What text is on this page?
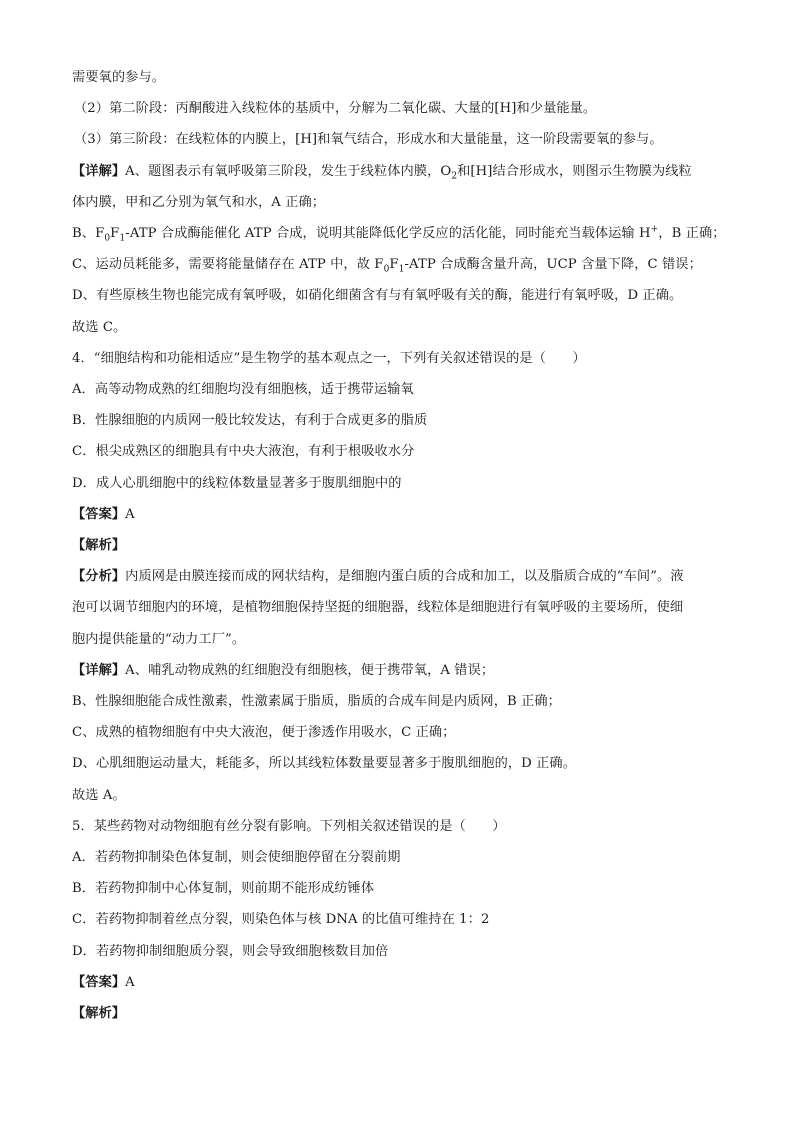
需要氧的参与。
（2）第二阶段：丙酮酸进入线粒体的基质中，分解为二氧化碳、大量的[H]和少量能量。
（3）第三阶段：在线粒体的内膜上，[H]和氧气结合，形成水和大量能量，这一阶段需要氧的参与。
【详解】A、题图表示有氧呼吸第三阶段，发生于线粒体内膜，$O_2$和[H]结合形成水，则图示生物膜为线粒
体内膜，甲和乙分别为氧气和水，A 正确；
B、$F_0F_1$-ATP 合成酶能催化 ATP 合成，说明其能降低化学反应的活化能，同时能充当载体运输 H+，B 正确；
C、运动员耗能多，需要将能量储存在 ATP 中，故 $F_0F_1$-ATP 合成酶含量升高，UCP 含量下降，C 错误；
D、有些原核生物也能完成有氧呼吸，如硝化细菌含有与有氧呼吸有关的酶，能进行有氧呼吸，D 正确。
故选 C。
4．“细胞结构和功能相适应”是生物学的基本观点之一，下列有关叙述错误的是（　　）
A．高等动物成熟的红细胞均没有细胞核，适于携带运输氧
B．性腺细胞的内质网一般比较发达，有利于合成更多的脂质
C．根尖成熟区的细胞具有中央大液泡，有利于根吸收水分
D．成人心肌细胞中的线粒体数量显著多于腹肌细胞中的
【答案】A
【解析】
【分析】内质网是由膜连接而成的网状结构，是细胞内蛋白质的合成和加工，以及脂质合成的“车间”。液
泡可以调节细胞内的环境，是植物细胞保持坚挺的细胞器，线粒体是细胞进行有氧呼吸的主要场所，使细
胞内提供能量的“动力工厂”。
【详解】A、哺乳动物成熟的红细胞没有细胞核，便于携带氧，A 错误；
B、性腺细胞能合成性激素，性激素属于脂质，脂质的合成车间是内质网，B 正确；
C、成熟的植物细胞有中央大液泡，便于渗透作用吸水，C 正确；
D、心肌细胞运动量大，耗能多，所以其线粒体数量要显著多于腹肌细胞的，D 正确。
故选 A。
5．某些药物对动物细胞有丝分裂有影响。下列相关叙述错误的是（　　）
A．若药物抑制染色体复制，则会使细胞停留在分裂前期
B．若药物抑制中心体复制，则前期不能形成纺锤体
C．若药物抑制着丝点分裂，则染色体与核 DNA 的比值可维持在 1：2
D．若药物抑制细胞质分裂，则会导致细胞核数目加倍
【答案】A
【解析】
